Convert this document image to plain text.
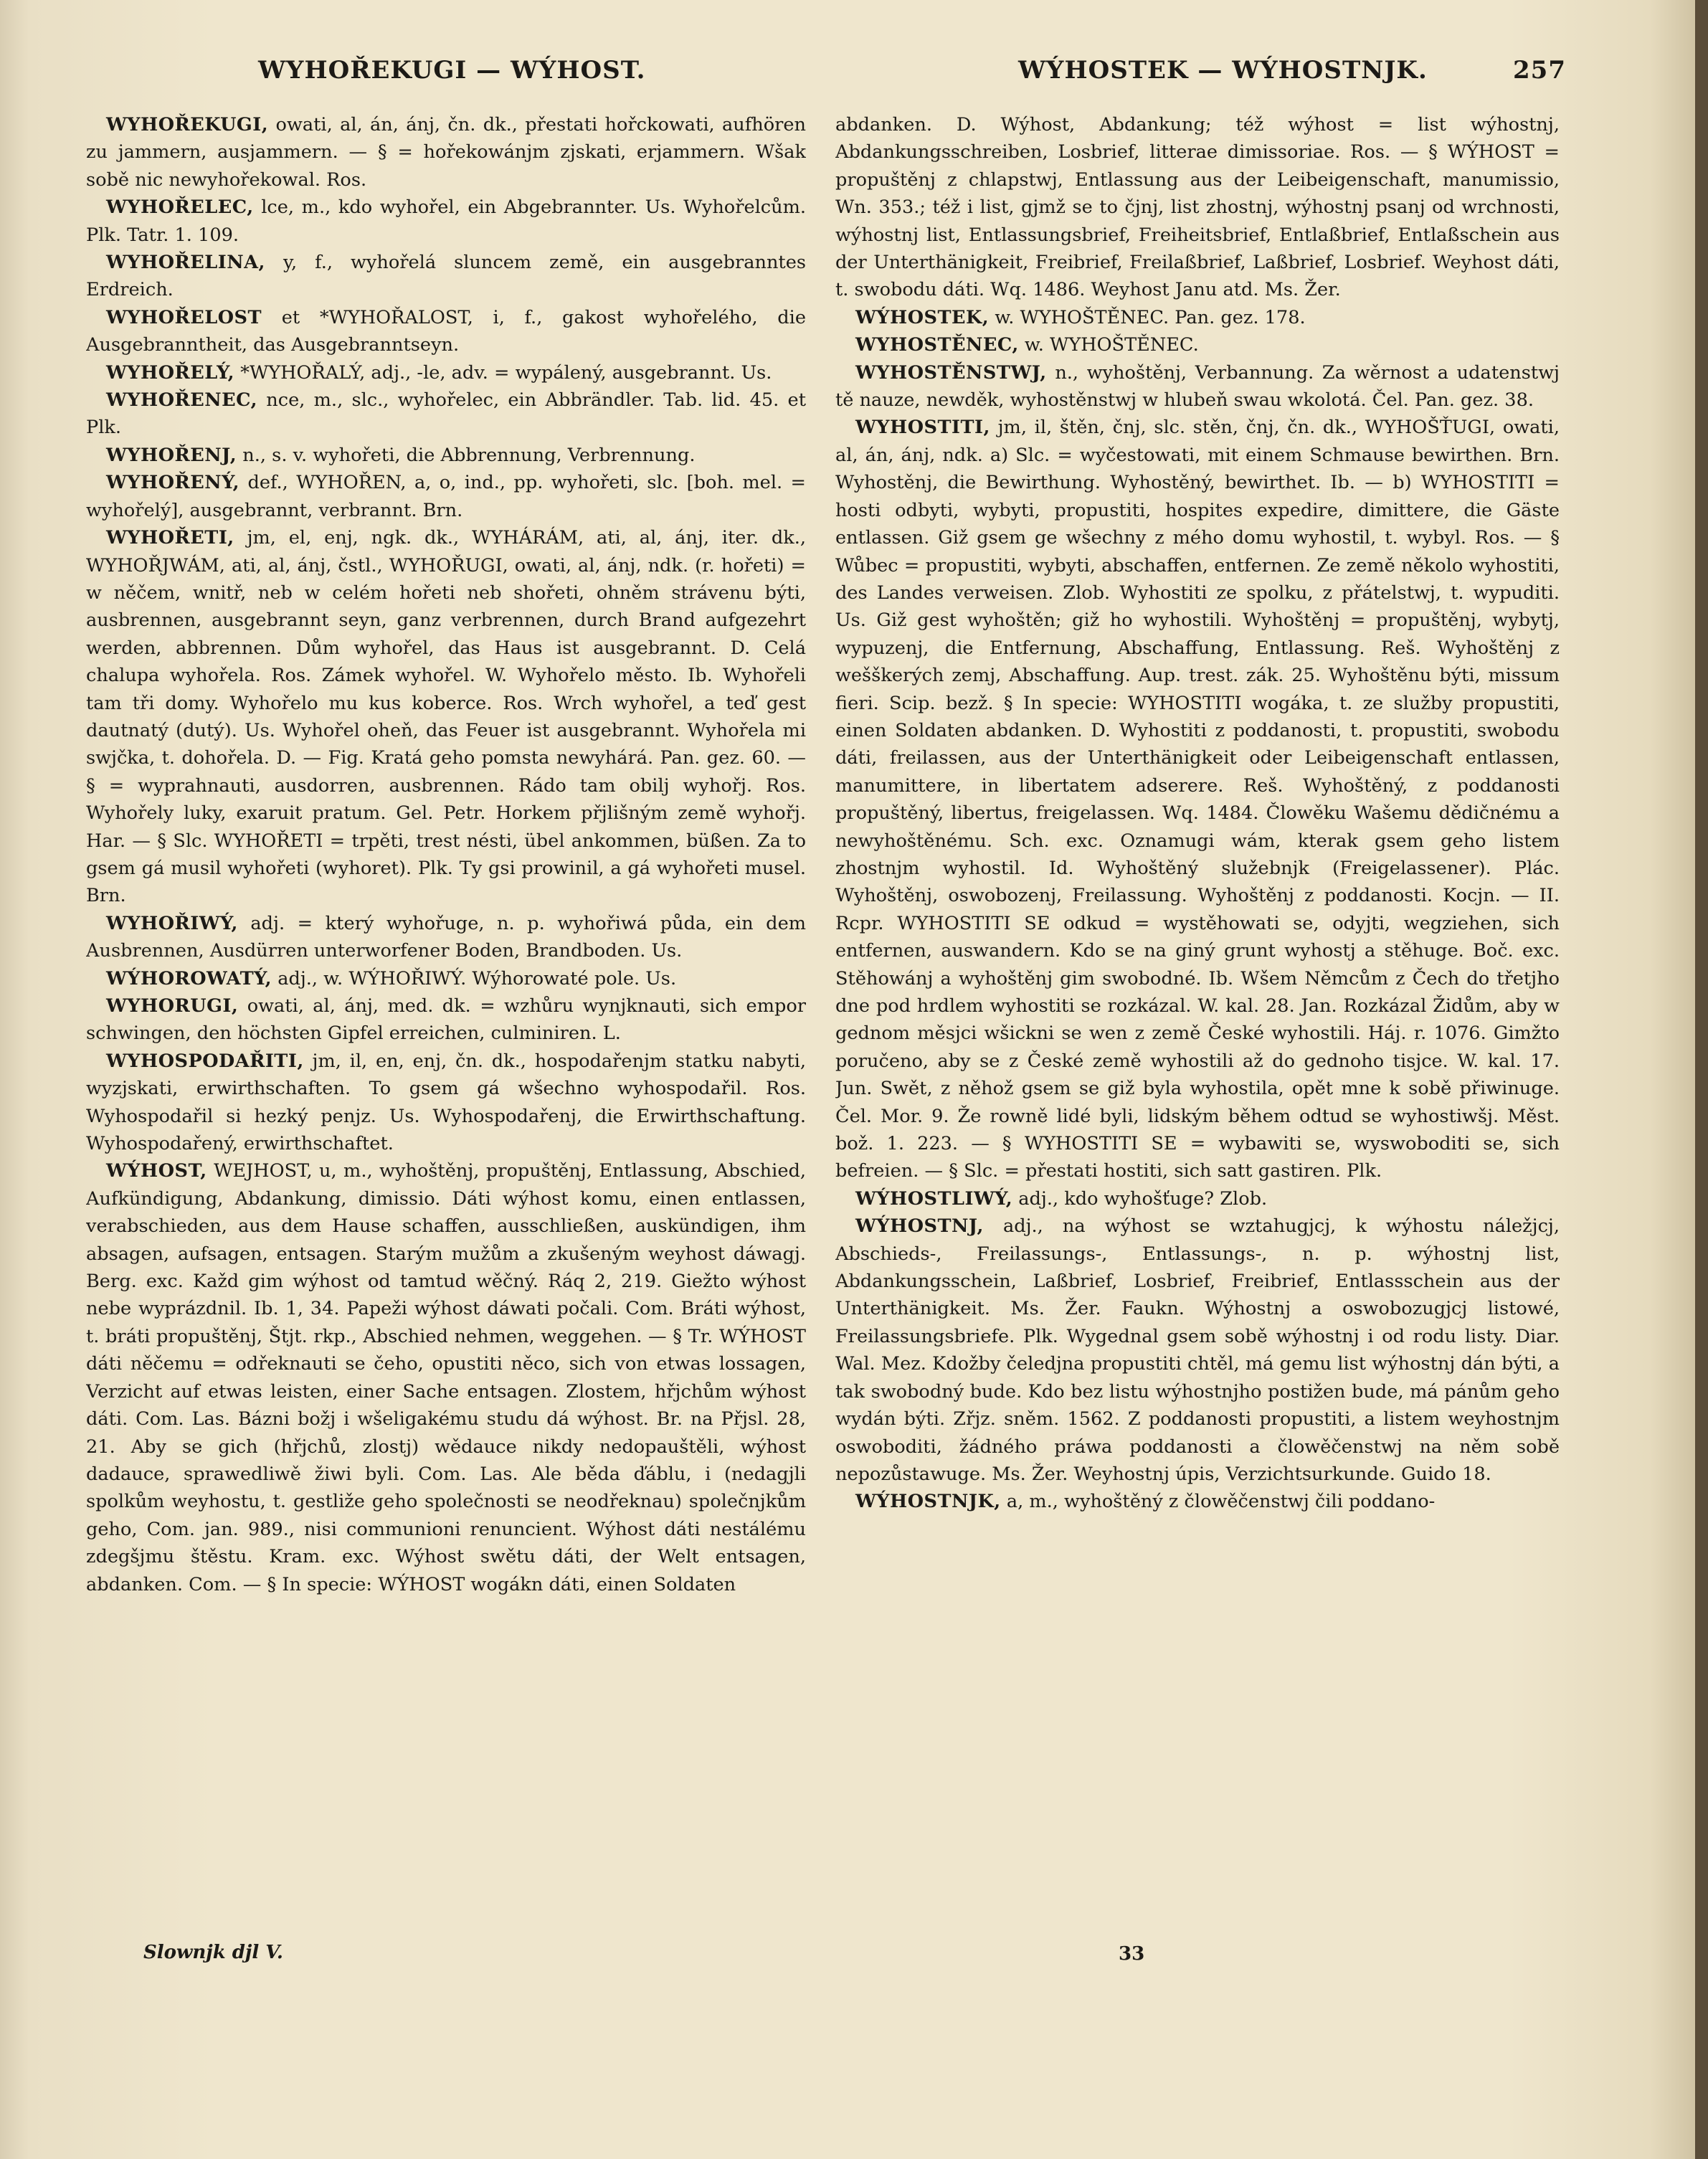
WYHOŘEKUGI — WÝHOST.	WÝHOSTEK — WÝHOSTNJK.	257

WYHOŘEKUGI, owati, al, án, ánj, čn. dk., přestati hořckowati, aufhören zu jammern, ausjammern. — § = hořekowánjm zjskati, erjammern. Wšak sobě nic newyhořekowal. Ros.

WYHOŘELEC, lce, m., kdo wyhořel, ein Abgebrannter. Us. Wyhořelcům. Plk. Tatr. 1. 109.

WYHOŘELINA, y, f., wyhořelá sluncem země, ein ausgebranntes Erdreich.

WYHOŘELOST et *WYHOŘALOST, i, f., gakost wyhořelého, die Ausgebranntheit, das Ausgebranntseyn.

WYHOŘELÝ, *WYHOŘALÝ, adj., -le, adv. = wypálený, ausgebrannt. Us.

WYHOŘENEC, nce, m., slc., wyhořelec, ein Abbrändler. Tab. lid. 45. et Plk.

WYHOŘENJ, n., s. v. wyhořeti, die Abbrennung, Verbrennung.

WYHOŘENÝ, def., WYHOŘEN, a, o, ind., pp. wyhořeti, slc. [boh. mel. = wyhořelý], ausgebrannt, verbrannt. Brn.

WYHOŘETI, jm, el, enj, ngk. dk., WYHÁRÁM, ati, al, ánj, iter. dk., WYHOŘJWÁM, ati, al, ánj, čstl., WYHOŘUGI, owati, al, ánj, ndk. (r. hořeti) = w něčem, wnitř, neb w celém hořeti neb shořeti, ohněm strávenu býti, ausbrennen, ausgebrannt seyn, ganz verbrennen, durch Brand aufgezehrt werden, abbrennen. Dům wyhořel, das Haus ist ausgebrannt. D. Celá chalupa wyhořela. Ros. Zámek wyhořel. W. Wyhořelo město. Ib. Wyhořeli tam tři domy. Wyhořelo mu kus koberce. Ros. Wrch wyhořel, a teď gest dautnatý (dutý). Us. Wyhořel oheň, das Feuer ist ausgebrannt. Wyhořela mi swjčka, t. dohořela. D. — Fig. Kratá geho pomsta newyhárá. Pan. gez. 60. — § = wyprahnauti, ausdorren, ausbrennen. Rádo tam obilj wyhořj. Ros. Wyhořely luky, exaruit pratum. Gel. Petr. Horkem přjlišným země wyhořj. Har. — § Slc. WYHOŘETI = trpěti, trest nésti, übel ankommen, büßen. Za to gsem gá musil wyhořeti (wyhoret). Plk. Ty gsi prowinil, a gá wyhořeti musel. Brn.

WYHOŘIWÝ, adj. = který wyhořuge, n. p. wyhořiwá půda, ein dem Ausbrennen, Ausdürren unterworfener Boden, Brandboden. Us.

WÝHOROWATÝ, adj., w. WÝHOŘIWÝ. Wýhorowaté pole. Us.

WYHORUGI, owati, al, ánj, med. dk. = wzhůru wynjknauti, sich empor schwingen, den höchsten Gipfel erreichen, culminiren. L.

WYHOSPODAŘITI, jm, il, en, enj, čn. dk., hospodařenjm statku nabyti, wyzjskati, erwirthschaften. To gsem gá wšechno wyhospodařil. Ros. Wyhospodařil si hezký penjz. Us. Wyhospodařenj, die Erwirthschaftung. Wyhospodařený, erwirthschaftet.

WÝHOST, WEJHOST, u, m., wyhoštěnj, propuštěnj, Entlassung, Abschied, Aufkündigung, Abdankung, dimissio. Dáti wýhost komu, einen entlassen, verabschieden, aus dem Hause schaffen, ausschließen, auskündigen, ihm absagen, aufsagen, entsagen. Starým mužům a zkušeným weyhost dáwagj. Berg. exc. Každ gim wýhost od tamtud wěčný. Ráq 2, 219. Giežto wýhost nebe wyprázdnil. Ib. 1, 34. Papeži wýhost dáwati počali. Com. Bráti wýhost, t. bráti propuštěnj, Štjt. rkp., Abschied nehmen, weggehen. — § Tr. WÝHOST dáti něčemu = odřeknauti se čeho, opustiti něco, sich von etwas lossagen, Verzicht auf etwas leisten, einer Sache entsagen. Zlostem, hřjchům wýhost dáti. Com. Las. Bázni božj i wšeligakému studu dá wýhost. Br. na Přjsl. 28, 21. Aby se gich (hřjchů, zlostj) wědauce nikdy nedopauštěli, wýhost dadauce, sprawedliwě žiwi byli. Com. Las. Ale běda ďáblu, i (nedagjli spolkům weyhostu, t. gestliže geho společnosti se neodřeknau) společnjkům geho, Com. jan. 989., nisi communioni renuncient. Wýhost dáti nestálému zdegšjmu štěstu. Kram. exc. Wýhost swětu dáti, der Welt entsagen, abdanken. Com. — § In specie: WÝHOST wogákn dáti, einen Soldaten

abdanken. D. Wýhost, Abdankung; též wýhost = list wýhostnj, Abdankungsschreiben, Losbrief, litterae dimissoriae. Ros. — § WÝHOST = propuštěnj z chlapstwj, Entlassung aus der Leibeigenschaft, manumissio, Wn. 353.; též i list, gjmž se to čjnj, list zhostnj, wýhostnj psanj od wrchnosti, wýhostnj list, Entlassungsbrief, Freiheitsbrief, Entlaßbrief, Entlaßschein aus der Unterthänigkeit, Freibrief, Freilaßbrief, Laßbrief, Losbrief. Weyhost dáti, t. swobodu dáti. Wq. 1486. Weyhost Janu atd. Ms. Žer.

WÝHOSTEK, w. WYHOŠTĚNEC. Pan. gez. 178.

WYHOSTĚNEC, w. WYHOŠTĚNEC.

WYHOSTĚNSTWJ, n., wyhoštěnj, Verbannung. Za wěrnost a udatenstwj tě nauze, newděk, wyhostěnstwj w hlubeň swau wkolotá. Čel. Pan. gez. 38.

WYHOSTITI, jm, il, štěn, čnj, slc. stěn, čnj, čn. dk., WYHOŠŤUGI, owati, al, án, ánj, ndk. a) Slc. = wyčestowati, mit einem Schmause bewirthen. Brn. Wyhostěnj, die Bewirthung. Wyhostěný, bewirthet. Ib. — b) WYHOSTITI = hosti odbyti, wybyti, propustiti, hospites expedire, dimittere, die Gäste entlassen. Giž gsem ge wšechny z mého domu wyhostil, t. wybyl. Ros. — § Wůbec = propustiti, wybyti, abschaffen, entfernen. Ze země několo wyhostiti, des Landes verweisen. Zlob. Wyhostiti ze spolku, z přátelstwj, t. wypuditi. Us. Giž gest wyhoštěn; giž ho wyhostili. Wyhoštěnj = propuštěnj, wybytj, wypuzenj, die Entfernung, Abschaffung, Entlassung. Reš. Wyhoštěnj z wešškerých zemj, Abschaffung. Aup. trest. zák. 25. Wyhoštěnu býti, missum fieri. Scip. bezž. § In specie: WYHOSTITI wogáka, t. ze služby propustiti, einen Soldaten abdanken. D. Wyhostiti z poddanosti, t. propustiti, swobodu dáti, freilassen, aus der Unterthänigkeit oder Leibeigenschaft entlassen, manumittere, in libertatem adserere. Reš. Wyhoštěný, z poddanosti propuštěný, libertus, freigelassen. Wq. 1484. Člowěku Wašemu dědičnému a newyhoštěnému. Sch. exc. Oznamugi wám, kterak gsem geho listem zhostnjm wyhostil. Id. Wyhoštěný služebnjk (Freigelassener). Plác. Wyhoštěnj, oswobozenj, Freilassung. Wyhoštěnj z poddanosti. Kocjn. — II. Rcpr. WYHOSTITI SE odkud = wystěhowati se, odyjti, wegziehen, sich entfernen, auswandern. Kdo se na giný grunt wyhostj a stěhuge. Boč. exc. Stěhowánj a wyhoštěnj gim swobodné. Ib. Wšem Němcům z Čech do třetjho dne pod hrdlem wyhostiti se rozkázal. W. kal. 28. Jan. Rozkázal Židům, aby w gednom měsjci wšickni se wen z země České wyhostili. Háj. r. 1076. Gimžto poručeno, aby se z České země wyhostili až do gednoho tisjce. W. kal. 17. Jun. Swět, z něhož gsem se giž byla wyhostila, opět mne k sobě přiwinuge. Čel. Mor. 9. Že rowně lidé byli, lidským během odtud se wyhostiwšj. Měst. bož. 1. 223. — § WYHOSTITI SE = wybawiti se, wyswoboditi se, sich befreien. — § Slc. = přestati hostiti, sich satt gastiren. Plk.

WÝHOSTLIWÝ, adj., kdo wyhošťuge? Zlob.

WÝHOSTNJ, adj., na wýhost se wztahugjcj, k wýhostu náležjcj, Abschieds-, Freilassungs-, Entlassungs-, n. p. wýhostnj list, Abdankungsschein, Laßbrief, Losbrief, Freibrief, Entlassschein aus der Unterthänigkeit. Ms. Žer. Faukn. Wýhostnj a oswobozugjcj listowé, Freilassungsbriefe. Plk. Wygednal gsem sobě wýhostnj i od rodu listy. Diar. Wal. Mez. Kdožby čeledjna propustiti chtěl, má gemu list wýhostnj dán býti, a tak swobodný bude. Kdo bez listu wýhostnjho postižen bude, má pánům geho wydán býti. Zřjz. sněm. 1562. Z poddanosti propustiti, a listem weyhostnjm oswoboditi, žádného práwa poddanosti a člowěčenstwj na něm sobě nepozůstawuge. Ms. Žer. Weyhostnj úpis, Verzichtsurkunde. Guido 18.

WÝHOSTNJK, a, m., wyhoštěný z člowěčenstwj čili poddano-

Slownjk djl V.	33
